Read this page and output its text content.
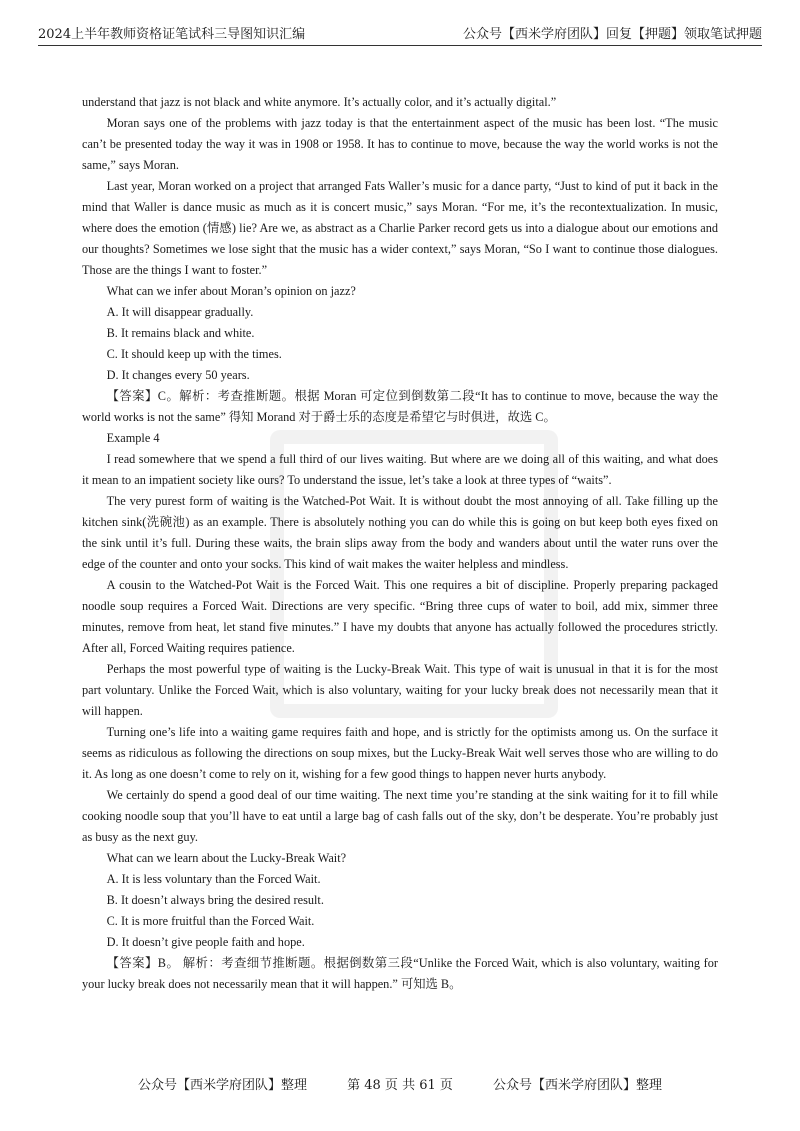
2024上半年教师资格证笔试科三导图知识汇编	公众号【西米学府团队】回复【押题】领取笔试押题

understand that jazz is not black and white anymore. It’s actually color, and it’s actually digital.”

Moran says one of the problems with jazz today is that the entertainment aspect of the music has been lost. “The music can’t be presented today the way it was in 1908 or 1958. It has to continue to move, because the way the world works is not the same,” says Moran.

Last year, Moran worked on a project that arranged Fats Waller’s music for a dance party, “Just to kind of put it back in the mind that Waller is dance music as much as it is concert music,” says Moran. “For me, it’s the recontextualization. In music, where does the emotion (情感) lie? Are we, as abstract as a Charlie Parker record gets us into a dialogue about our emotions and our thoughts? Sometimes we lose sight that the music has a wider context,” says Moran, “So I want to continue those dialogues. Those are the things I want to foster.”

What can we infer about Moran’s opinion on jazz?

A. It will disappear gradually.

B. It remains black and white.

C. It should keep up with the times.

D. It changes every 50 years.

【答案】C。解析：考查推断题。根据 Moran 可定位到倒数第二段“It has to continue to move, because the way the world works is not the same” 得知 Morand 对于爵士乐的态度是希望它与时俱进，故选 C。

Example 4

I read somewhere that we spend a full third of our lives waiting. But where are we doing all of this waiting, and what does it mean to an impatient society like ours? To understand the issue, let’s take a look at three types of “waits”.

The very purest form of waiting is the Watched-Pot Wait. It is without doubt the most annoying of all. Take filling up the kitchen sink(洗碗池) as an example. There is absolutely nothing you can do while this is going on but keep both eyes fixed on the sink until it’s full. During these waits, the brain slips away from the body and wanders about until the water runs over the edge of the counter and onto your socks. This kind of wait makes the waiter helpless and mindless.

A cousin to the Watched-Pot Wait is the Forced Wait. This one requires a bit of discipline. Properly preparing packaged noodle soup requires a Forced Wait. Directions are very specific. “Bring three cups of water to boil, add mix, simmer three minutes, remove from heat, let stand five minutes.” I have my doubts that anyone has actually followed the procedures strictly. After all, Forced Waiting requires patience.

Perhaps the most powerful type of waiting is the Lucky-Break Wait. This type of wait is unusual in that it is for the most part voluntary. Unlike the Forced Wait, which is also voluntary, waiting for your lucky break does not necessarily mean that it will happen.

Turning one’s life into a waiting game requires faith and hope, and is strictly for the optimists among us. On the surface it seems as ridiculous as following the directions on soup mixes, but the Lucky-Break Wait well serves those who are willing to do it. As long as one doesn’t come to rely on it, wishing for a few good things to happen never hurts anybody.

We certainly do spend a good deal of our time waiting. The next time you’re standing at the sink waiting for it to fill while cooking noodle soup that you’ll have to eat until a large bag of cash falls out of the sky, don’t be desperate. You’re probably just as busy as the next guy.

What can we learn about the Lucky-Break Wait?

A. It is less voluntary than the Forced Wait.

B. It doesn’t always bring the desired result.

C. It is more fruitful than the Forced Wait.

D. It doesn’t give people faith and hope.

【答案】B。 解析：考查细节推断题。根据倒数第三段“Unlike the Forced Wait, which is also voluntary, waiting for your lucky break does not necessarily mean that it will happen.” 可知选 B。

公众号【西米学府团队】整理	第 48 页 共 61 页	公众号【西米学府团队】整理
